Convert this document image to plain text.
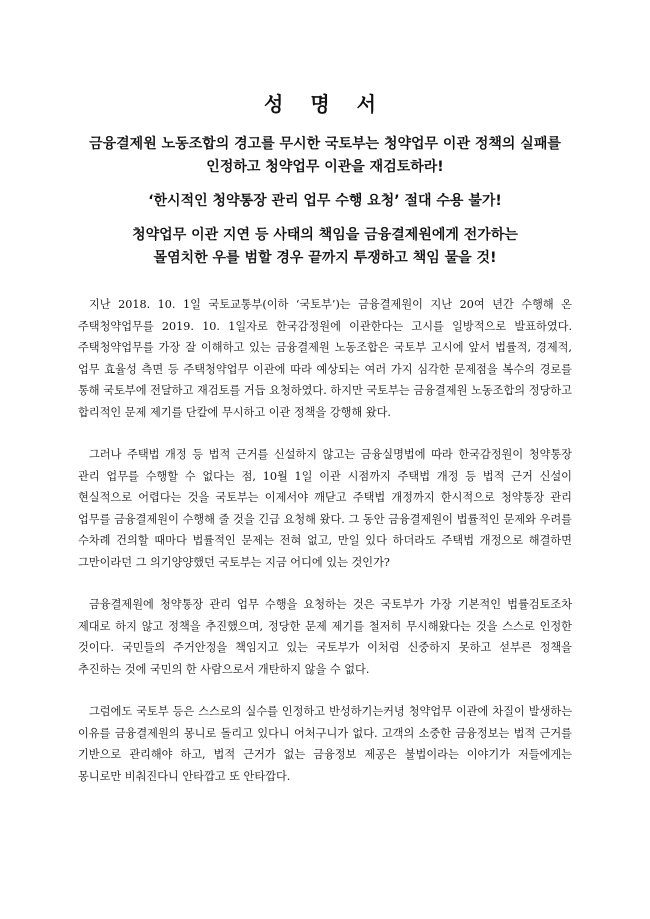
성 명 서
금융결제원 노동조합의 경고를 무시한 국토부는 청약업무 이관 정책의 실패를
인정하고 청약업무 이관을 재검토하라!
‘한시적인 청약통장 관리 업무 수행 요청’ 절대 수용 불가!
청약업무 이관 지연 등 사태의 책임을 금융결제원에게 전가하는
몰염치한 우를 범할 경우 끝까지 투쟁하고 책임 물을 것!

지난 2018. 10. 1일 국토교통부(이하 ‘국토부’)는 금융결제원이 지난 20여 년간 수행해 온 주택청약업무를 2019. 10. 1일자로 한국감정원에 이관한다는 고시를 일방적으로 발표하였다. 주택청약업무를 가장 잘 이해하고 있는 금융결제원 노동조합은 국토부 고시에 앞서 법률적, 경제적, 업무 효율성 측면 등 주택청약업무 이관에 따라 예상되는 여러 가지 심각한 문제점을 복수의 경로를 통해 국토부에 전달하고 재검토를 거듭 요청하였다. 하지만 국토부는 금융결제원 노동조합의 정당하고 합리적인 문제 제기를 단칼에 무시하고 이관 정책을 강행해 왔다.

그러나 주택법 개정 등 법적 근거를 신설하지 않고는 금융실명법에 따라 한국감정원이 청약통장 관리 업무를 수행할 수 없다는 점, 10월 1일 이관 시점까지 주택법 개정 등 법적 근거 신설이 현실적으로 어렵다는 것을 국토부는 이제서야 깨닫고 주택법 개정까지 한시적으로 청약통장 관리 업무를 금융결제원이 수행해 줄 것을 긴급 요청해 왔다. 그 동안 금융결제원이 법률적인 문제와 우려를 수차례 건의할 때마다 법률적인 문제는 전혀 없고, 만일 있다 하더라도 주택법 개정으로 해결하면 그만이라던 그 의기양양했던 국토부는 지금 어디에 있는 것인가?

금융결제원에 청약통장 관리 업무 수행을 요청하는 것은 국토부가 가장 기본적인 법률검토조차 제대로 하지 않고 정책을 추진했으며, 정당한 문제 제기를 철저히 무시해왔다는 것을 스스로 인정한 것이다. 국민들의 주거안정을 책임지고 있는 국토부가 이처럼 신중하지 못하고 섣부른 정책을 추진하는 것에 국민의 한 사람으로서 개탄하지 않을 수 없다.

그럼에도 국토부 등은 스스로의 실수를 인정하고 반성하기는커녕 청약업무 이관에 차질이 발생하는 이유를 금융결제원의 몽니로 돌리고 있다니 어처구니가 없다. 고객의 소중한 금융정보는 법적 근거를 기반으로 관리해야 하고, 법적 근거가 없는 금융정보 제공은 불법이라는 이야기가 저들에게는 몽니로만 비춰진다니 안타깝고 또 안타깝다.
